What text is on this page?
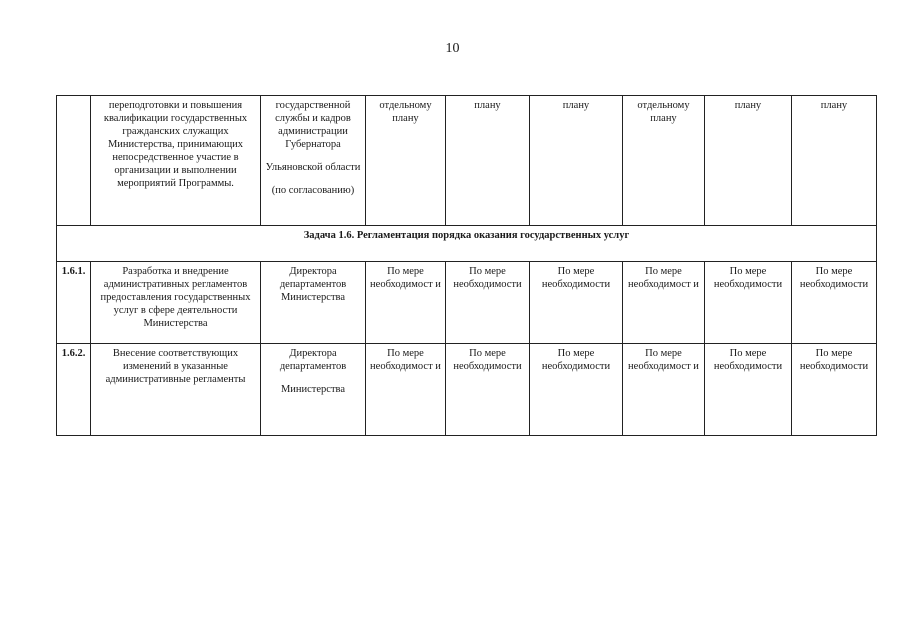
10
	переподготовки и повышения квалификации государственных гражданских служащих Министерства, принимающих непосредственное участие в организации и выполнении мероприятий Программы.	государственной службы и кадров администрации Губернатора
Ульяновской области
(по согласованию)	отдельному плану	плану	плану	отдельному плану	плану	плану
Задача 1.6. Регламентация порядка оказания государственных услуг								
1.6.1.	Разработка и внедрение административных регламентов предоставления государственных услуг в сфере деятельности Министерства	Директора департаментов Министерства	По мере необходимост и	По мере необходимости	По мере необходимости	По мере необходимост и	По мере необходимости	По мере необходимости
1.6.2.	Внесение соответствующих изменений в указанные административные регламенты	Директора департаментов
Министерства	По мере необходимост и	По мере необходимости	По мере необходимости	По мере необходимост и	По мере необходимости	По мере необходимости
